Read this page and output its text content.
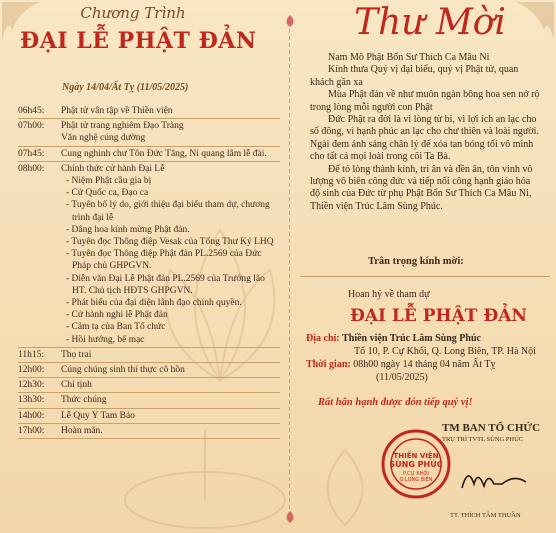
Chương Trình
ĐẠI LỄ PHẬT ĐẢN
Ngày 14/04/Ất Tỵ (11/05/2025)
06h45:	Phật tử vân tập về Thiền viện
07h00:	Phật tử trang nghiêm Đạo Tràng
Văn nghệ cúng dường
07h45:	Cung nghinh chư Tôn Đức Tăng, Ni quang lâm lễ đài.
08h00:	Chính thức cử hành Đại Lễ
- Niệm Phật cầu gia bị
- Cử Quốc ca, Đạo ca
- Tuyên bố lý do, giới thiệu đại biểu tham dự, chương trình đại lễ
- Dâng hoa kính mừng Phật đản.
- Tuyên đọc Thông điệp Vesak của Tổng Thư Ký LHQ
- Tuyên đọc Thông điệp Phật đản PL.2569 của Đức Pháp chủ GHPGVN.
- Diễn văn Đại Lễ Phật đản PL.2569 của Trưởng lão HT. Chủ tịch HĐTS GHPGVN.
- Phát biểu của đại diện lãnh đạo chính quyền.
- Cử hành nghi lễ Phật đản
- Cảm tạ của Ban Tổ chức
- Hồi hướng, bế mạc
11h15:	Thọ trai
12h00:	Cúng chúng sinh thí thực cô hồn
12h30:	Chỉ tịnh
13h30:	Thức chúng
14h00:	Lễ Quy Y Tam Bảo
17h00:	Hoàn mãn.
Thư Mời

Nam Mô Phật Bổn Sư Thích Ca Mâu Ni

Kính thưa Quý vị đại biểu, quý vị Phật tử, quan khách gần xa

Mùa Phật đản về như muôn ngàn bông hoa sen nở rộ trong lòng mỗi người con Phật

Đức Phật ra đời là vì lòng từ bi, vì lợi ích an lạc cho số đông, vì hạnh phúc an lạc cho chư thiên và loài người. Ngài đem ánh sáng chân lý để xóa tan bóng tối vô minh cho tất cả mọi loài trong cõi Ta Bà.

Để tỏ lòng thành kính, tri ân và đền ân, tôn vinh vô lượng vô biên công đức và tiếp nối công hạnh giáo hóa độ sinh của Đức từ phụ Phật Bổn Sư Thích Ca Mâu Ni, Thiền viện Trúc Lâm Sùng Phúc.

Trân trọng kính mời:
Hoan hỷ về tham dự
ĐẠI LỄ PHẬT ĐẢN
Địa chỉ: Thiền viện Trúc Lâm Sùng Phúc
Tổ 10, P. Cự Khối, Q. Long Biên, TP. Hà Nội
Thời gian: 08h00 ngày 14 tháng 04 năm Ất Tỵ
(11/05/2025)
Rất hân hạnh được đón tiếp quý vị!
TM BAN TỔ CHỨC
TRỤ TRÌ TVTL SÙNG PHÚC
THIỀN VIỆN
SÙNG PHÚC
P.CỰ KHỐI
Q.LONG BIÊN
TT. THÍCH TÂM THUẦN
